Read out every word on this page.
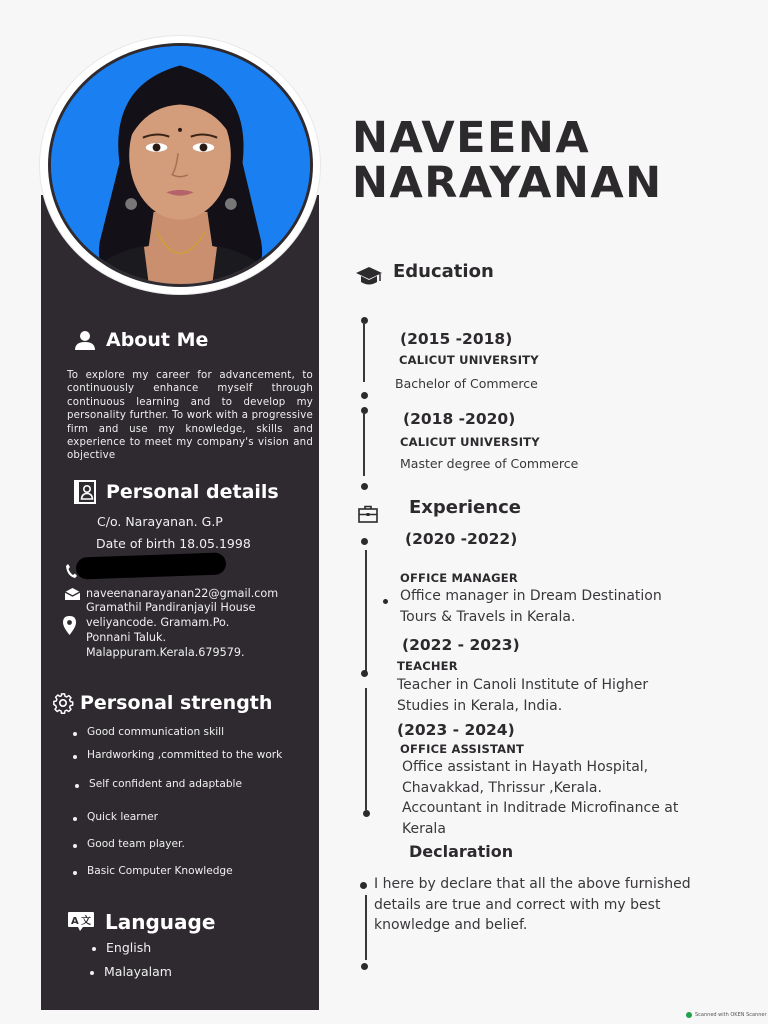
About Me

To explore my career for advancement, to continuously enhance myself through continuous learning and to develop my personality further. To work with a progressive firm and use my knowledge, skills and experience to meet my company's vision and objective

Personal details
C/o. Narayanan. G.P
Date of birth 18.05.1998
naveenanarayanan22@gmail.com
Gramathil Pandiranjayil House
veliyancode. Gramam.Po.
Ponnani Taluk.
Malappuram.Kerala.679579.
Personal strength
Good communication skill
Hardworking ,committed to the work
Self confident and adaptable
Quick learner
Good team player.
Basic Computer Knowledge
A 文 Language
English
Malayalam
NAVEENA
NARAYANAN
Education
(2015 -2018)
CALICUT UNIVERSITY
Bachelor of Commerce
(2018 -2020)
CALICUT UNIVERSITY
Master degree of Commerce
Experience
(2020 -2022)
OFFICE MANAGER
Office manager in Dream Destination
Tours & Travels in Kerala.
(2022 - 2023)
TEACHER
Teacher in Canoli Institute of Higher
Studies in Kerala, India.
(2023 - 2024)
OFFICE ASSISTANT
Office assistant in Hayath Hospital,
Chavakkad, Thrissur ,Kerala.
Accountant in Inditrade Microfinance at
Kerala
Declaration
I here by declare that all the above furnished
details are true and correct with my best
knowledge and belief.
Scanned with OKEN Scanner
